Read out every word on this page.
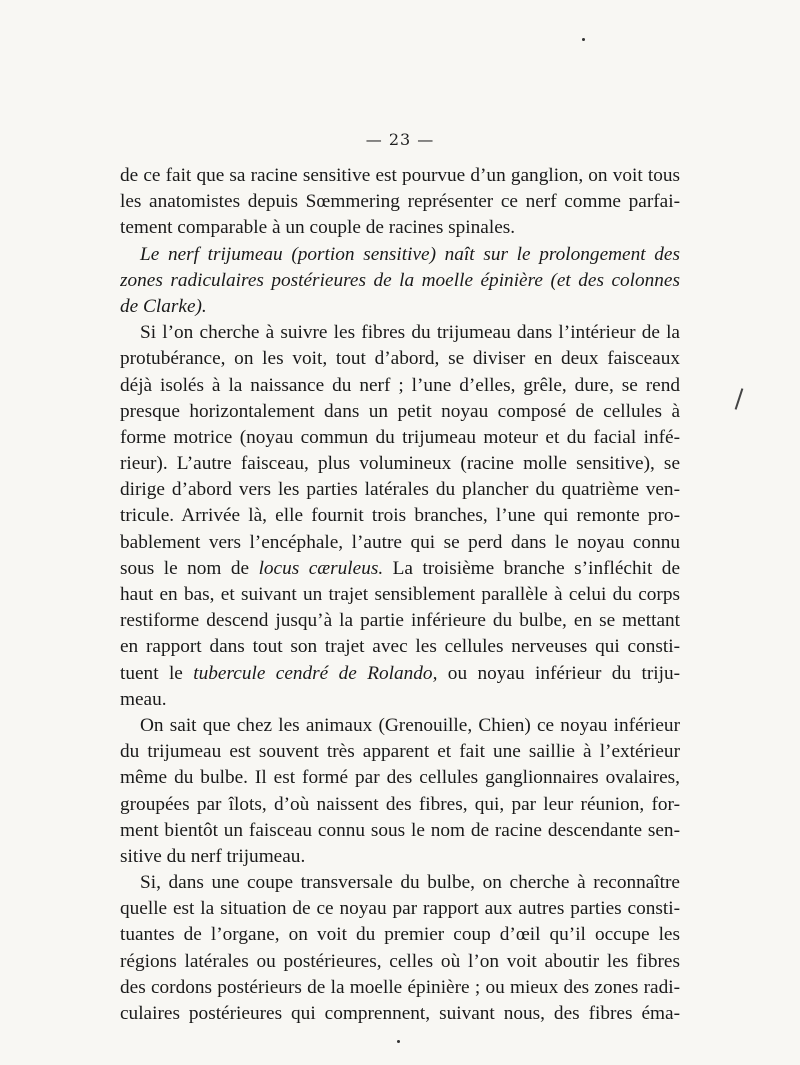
— 23 —
de ce fait que sa racine sensitive est pourvue d’un ganglion, on voit tous
les anatomistes depuis Sœmmering représenter ce nerf comme parfai-
tement comparable à un couple de racines spinales.
Le nerf trijumeau (portion sensitive) naît sur le prolongement des
zones radiculaires postérieures de la moelle épinière (et des colonnes
de Clarke).
Si l’on cherche à suivre les fibres du trijumeau dans l’intérieur de la
protubérance, on les voit, tout d’abord, se diviser en deux faisceaux
déjà isolés à la naissance du nerf ; l’une d’elles, grêle, dure, se rend
presque horizontalement dans un petit noyau composé de cellules à
forme motrice (noyau commun du trijumeau moteur et du facial infé-
rieur). L’autre faisceau, plus volumineux (racine molle sensitive), se
dirige d’abord vers les parties latérales du plancher du quatrième ven-
tricule. Arrivée là, elle fournit trois branches, l’une qui remonte pro-
bablement vers l’encéphale, l’autre qui se perd dans le noyau connu
sous le nom de locus cæruleus. La troisième branche s’infléchit de
haut en bas, et suivant un trajet sensiblement parallèle à celui du corps
restiforme descend jusqu’à la partie inférieure du bulbe, en se mettant
en rapport dans tout son trajet avec les cellules nerveuses qui consti-
tuent le tubercule cendré de Rolando, ou noyau inférieur du triju-
meau.
On sait que chez les animaux (Grenouille, Chien) ce noyau inférieur
du trijumeau est souvent très apparent et fait une saillie à l’extérieur
même du bulbe. Il est formé par des cellules ganglionnaires ovalaires,
groupées par îlots, d’où naissent des fibres, qui, par leur réunion, for-
ment bientôt un faisceau connu sous le nom de racine descendante sen-
sitive du nerf trijumeau.
Si, dans une coupe transversale du bulbe, on cherche à reconnaître
quelle est la situation de ce noyau par rapport aux autres parties consti-
tuantes de l’organe, on voit du premier coup d’œil qu’il occupe les
régions latérales ou postérieures, celles où l’on voit aboutir les fibres
des cordons postérieurs de la moelle épinière ; ou mieux des zones radi-
culaires postérieures qui comprennent, suivant nous, des fibres éma-
